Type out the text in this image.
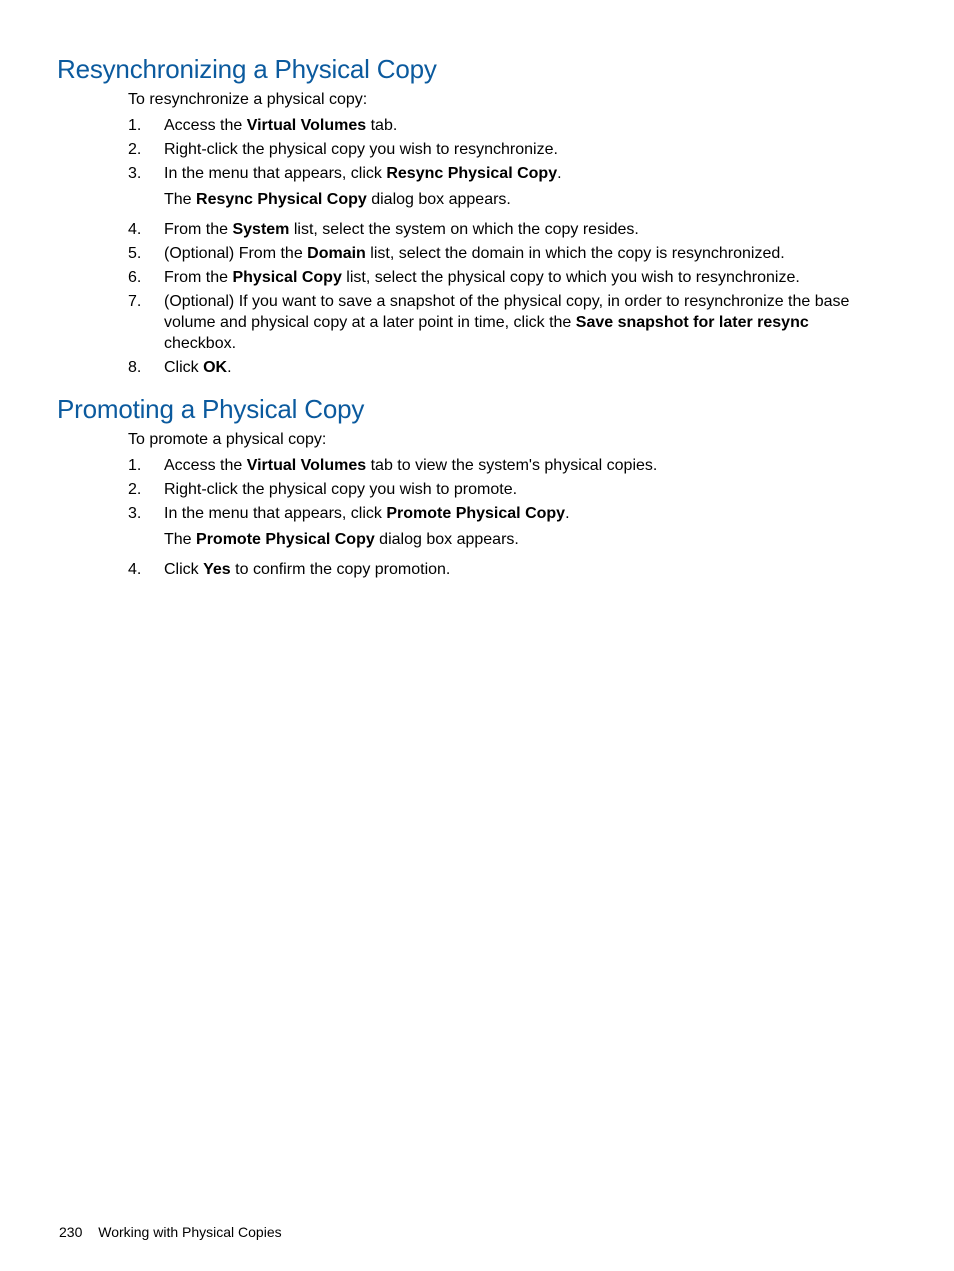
Resynchronizing a Physical Copy

To resynchronize a physical copy:

1. Access the Virtual Volumes tab.
2. Right-click the physical copy you wish to resynchronize.
3. In the menu that appears, click Resync Physical Copy.
The Resync Physical Copy dialog box appears.
4. From the System list, select the system on which the copy resides.
5. (Optional) From the Domain list, select the domain in which the copy is resynchronized.
6. From the Physical Copy list, select the physical copy to which you wish to resynchronize.
7. (Optional) If you want to save a snapshot of the physical copy, in order to resynchronize the base volume and physical copy at a later point in time, click the Save snapshot for later resync checkbox.
8. Click OK.
Promoting a Physical Copy

To promote a physical copy:

1. Access the Virtual Volumes tab to view the system's physical copies.
2. Right-click the physical copy you wish to promote.
3. In the menu that appears, click Promote Physical Copy.
The Promote Physical Copy dialog box appears.
4. Click Yes to confirm the copy promotion.
230 Working with Physical Copies
